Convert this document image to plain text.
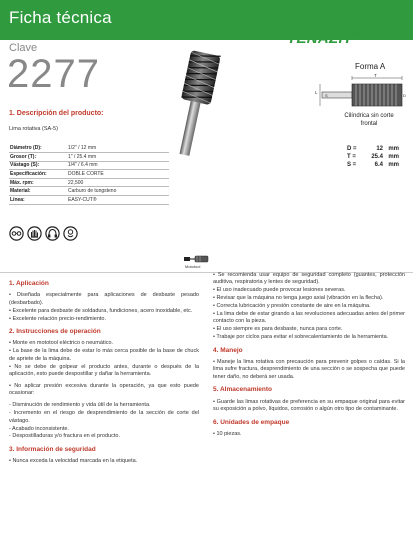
Ficha técnica
TENAZIT®
Clave
2277	Forma A
T
L
S	D
Cilíndrica sin corte frontal
D =	12 mm
T =	25.4 mm
S =	6.4 mm
1. Descripción del producto:
Lima rotativa (SA-5)
Diámetro (D):	1/2" / 12 mm
Grosor (T):	1" / 25.4 mm
Vástago (S):	1/4" / 6.4 mm
Especificación:	DOBLE CORTE
Máx. rpm:	22,500
Material:	Carburo de tungsteno
Línea:	EASY-CUT®
Mototool
1. Aplicación

• Diseñada especialmente para aplicaciones de desbaste pesado (desbarbado).

• Excelente para desbaste de soldadura, fundiciones, acero inoxidable, etc.

• Excelente relación precio-rendimiento.

2. Instrucciones de operación

• Monte en mototool eléctrico o neumático.

• La base de la lima debe de estar lo más cerca posible de la base de chuck de apriete de la máquina.

• No se debe de golpear el producto antes, durante o después de la aplicación, esto puede despostillar y dañar la herramienta.

• No aplicar presión excesiva durante la operación, ya que esto puede ocasionar:

- Disminución de rendimiento y vida útil de la herramienta.

- Incremento en el riesgo de desprendimiento de la sección de corte del vástago.

- Acabado inconsistente.

- Despostilladuras y/o fractura en el producto.

3. Información de seguridad

• Nunca exceda la velocidad marcada en la etiqueta.

• Se recomienda usar equipo de seguridad completo (guantes, protección auditiva, respiratoria y lentes de seguridad).

• El uso inadecuado puede provocar lesiones severas.

• Revisar que la máquina no tenga juego axial (vibración en la flecha).

• Correcta lubricación y presión constante de aire en la máquina.

• La lima debe de estar girando a las revoluciones adecuadas antes del primer contacto con la pieza.

• El uso siempre es para desbaste, nunca para corte.

• Trabaje por ciclos para evitar el sobrecalentamiento de la herramienta.

4. Manejo

• Maneje la lima rotativa con precaución para prevenir golpes o caídas. Si la lima sufre fractura, desprendimiento de una sección o se sospecha que puede tener daño, no deberá ser usada.

5. Almacenamiento

• Guarde las limas rotativas de preferencia en su empaque original para evitar su exposición a polvo, líquidos, corrosión o algún otro tipo de contaminante.

6. Unidades de empaque

• 10 piezas.
